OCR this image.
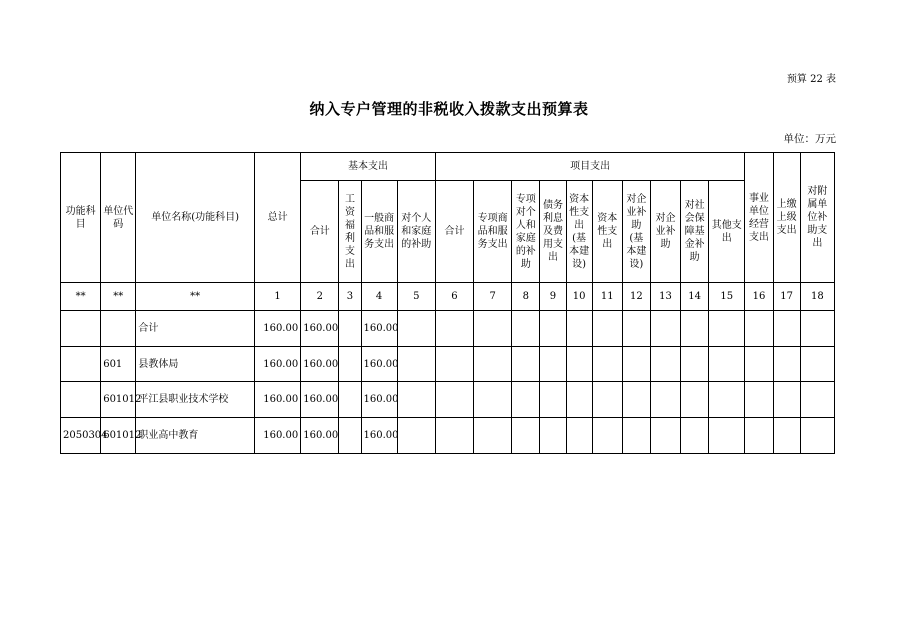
预算 22 表
纳入专户管理的非税收入拨款支出预算表
单位：万元
功能科目	单位代码	单位名称(功能科目)	总计	基本支出				项目支出										事业单位经营支出	上缴上级支出	对附属单位补助支出
				合计	工资福利支出	一般商品和服务支出	对个人和家庭的补助	合计	专项商品和服务支出	专项对个人和家庭的补助	债务利息及费用支出	资本性支出(基本建设)	资本性支出	对企业补助(基本建设)	对企业补助	对社会保障基金补助	其他支出			
**	**	**	1	2	3	4	5	6	7	8	9	10	11	12	13	14	15	16	17	18
		合计	160.00	160.00		160.00														
	601	县教体局	160.00	160.00		160.00														
	601012	平江县职业技术学校	160.00	160.00		160.00														
2050304	601012	职业高中教育	160.00	160.00		160.00														
